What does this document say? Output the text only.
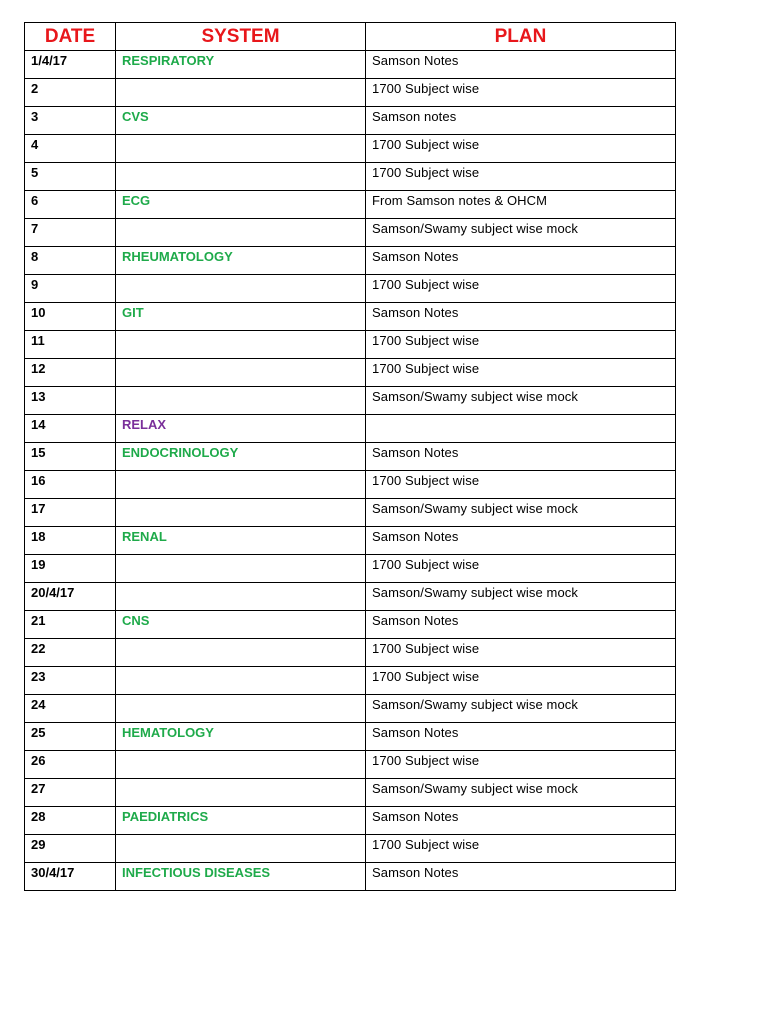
DATE	SYSTEM	PLAN
1/4/17	RESPIRATORY	Samson Notes
2		1700 Subject wise
3	CVS	Samson notes
4		1700 Subject wise
5		1700 Subject wise
6	ECG	From Samson notes & OHCM
7		Samson/Swamy subject wise mock
8	RHEUMATOLOGY	Samson Notes
9		1700 Subject wise
10	GIT	Samson Notes
11		1700 Subject wise
12		1700 Subject wise
13		Samson/Swamy subject wise mock
14	RELAX	
15	ENDOCRINOLOGY	Samson Notes
16		1700 Subject wise
17		Samson/Swamy subject wise mock
18	RENAL	Samson Notes
19		1700 Subject wise
20/4/17		Samson/Swamy subject wise mock
21	CNS	Samson Notes
22		1700 Subject wise
23		1700 Subject wise
24		Samson/Swamy subject wise mock
25	HEMATOLOGY	Samson Notes
26		1700 Subject wise
27		Samson/Swamy subject wise mock
28	PAEDIATRICS	Samson Notes
29		1700 Subject wise
30/4/17	INFECTIOUS DISEASES	Samson Notes
